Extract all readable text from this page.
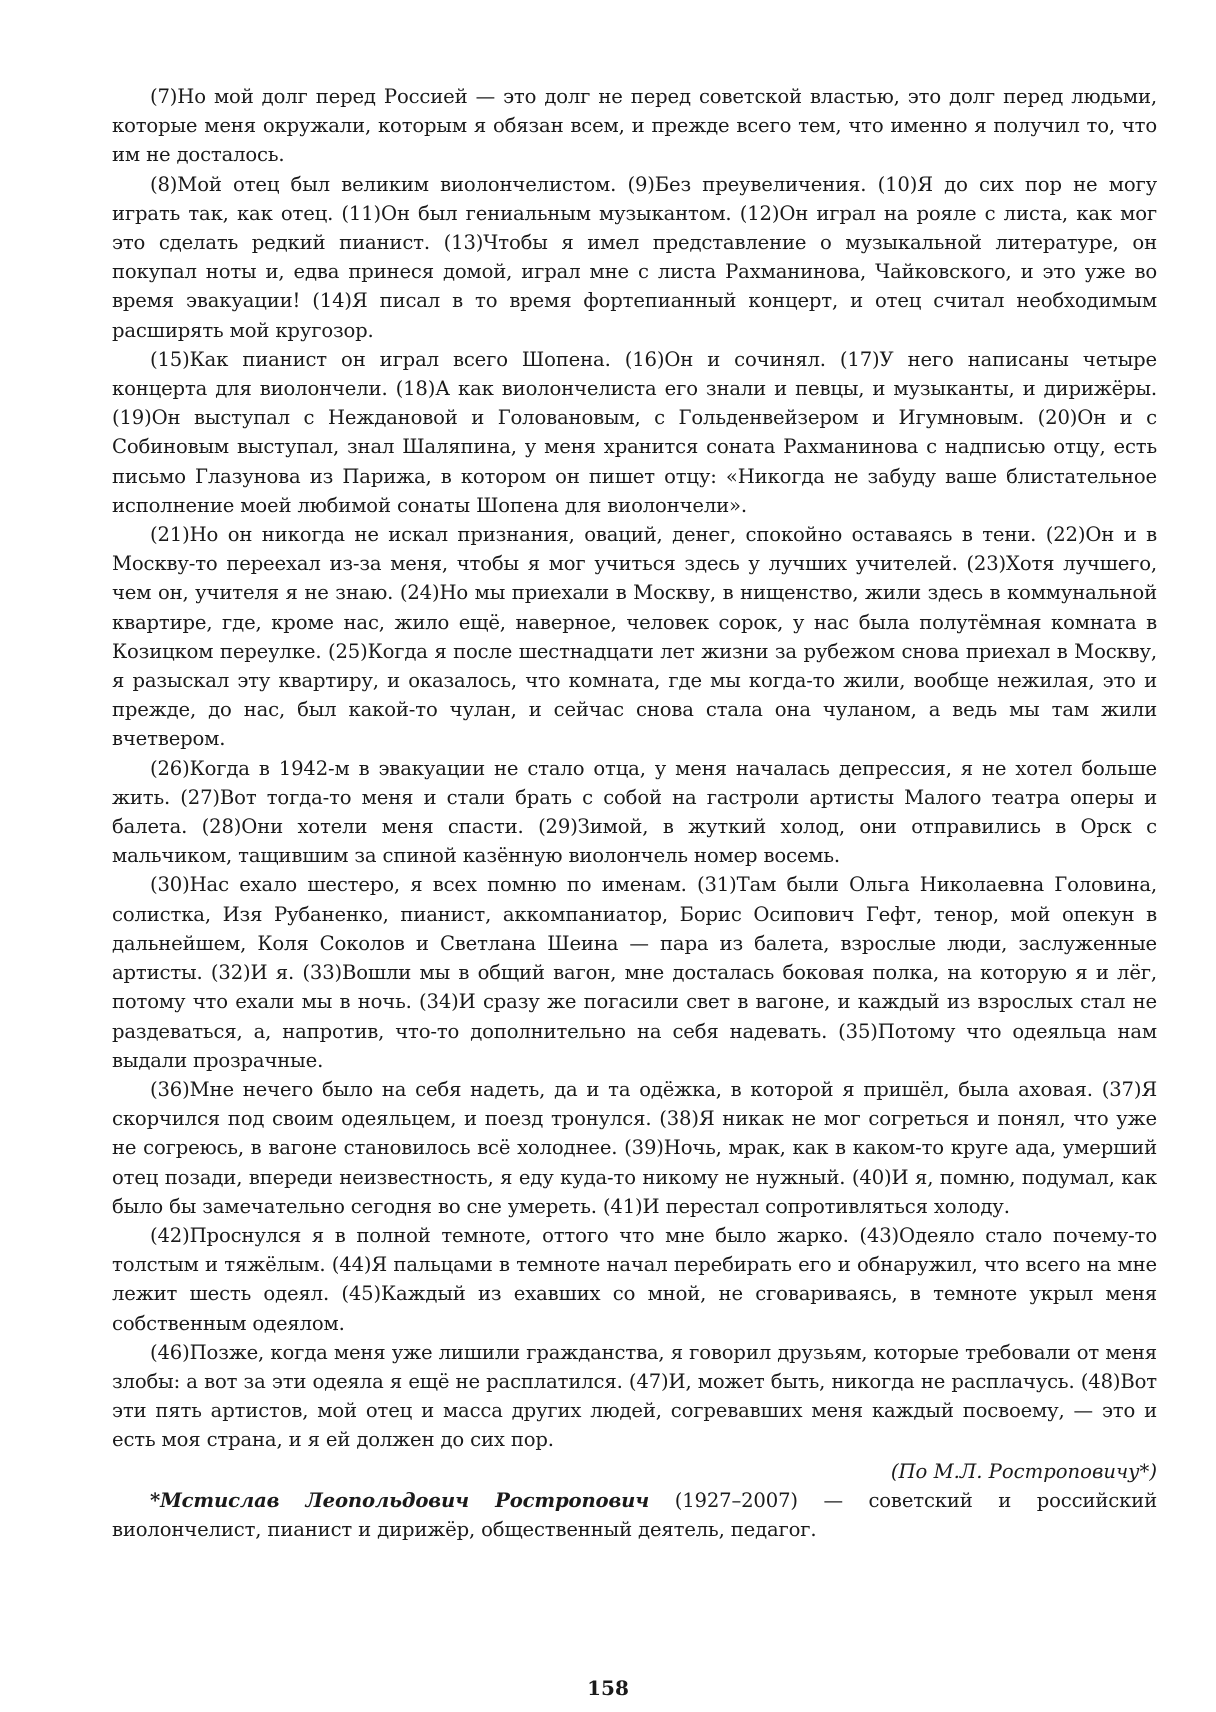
(7)Но мой долг перед Россией — это долг не перед советской властью, это долг перед людьми, которые меня окружали, которым я обязан всем, и прежде всего тем, что именно я получил то, что им не досталось.

(8)Мой отец был великим виолончелистом. (9)Без преувеличения. (10)Я до сих пор не могу играть так, как отец. (11)Он был гениальным музыкантом. (12)Он играл на рояле с листа, как мог это сделать редкий пианист. (13)Чтобы я имел представление о музыкальной литературе, он покупал ноты и, едва принеся домой, играл мне с листа Рахманинова, Чайковского, и это уже во время эвакуации! (14)Я писал в то время фортепианный концерт, и отец считал необходимым расширять мой кругозор.

(15)Как пианист он играл всего Шопена. (16)Он и сочинял. (17)У него написаны четыре концерта для виолончели. (18)А как виолончелиста его знали и певцы, и музыканты, и дирижёры. (19)Он выступал с Неждановой и Головановым, с Гольденвейзером и Игумновым. (20)Он и с Собиновым выступал, знал Шаляпина, у меня хранится соната Рахманинова с надписью отцу, есть письмо Глазунова из Парижа, в котором он пишет отцу: «Никогда не забуду ваше блистательное исполнение моей любимой сонаты Шопена для виолончели».

(21)Но он никогда не искал признания, оваций, денег, спокойно оставаясь в тени. (22)Он и в Москву-то переехал из-за меня, чтобы я мог учиться здесь у лучших учителей. (23)Хотя лучшего, чем он, учителя я не знаю. (24)Но мы приехали в Москву, в нищенство, жили здесь в коммунальной квартире, где, кроме нас, жило ещё, наверное, человек сорок, у нас была полутёмная комната в Козицком переулке. (25)Когда я после шестнадцати лет жизни за рубежом снова приехал в Москву, я разыскал эту квартиру, и оказалось, что комната, где мы когда-то жили, вообще нежилая, это и прежде, до нас, был какой-то чулан, и сейчас снова стала она чуланом, а ведь мы там жили вчетвером.

(26)Когда в 1942-м в эвакуации не стало отца, у меня началась депрессия, я не хотел больше жить. (27)Вот тогда-то меня и стали брать с собой на гастроли артисты Малого театра оперы и балета. (28)Они хотели меня спасти. (29)Зимой, в жуткий холод, они отправились в Орск с мальчиком, тащившим за спиной казённую виолончель номер восемь.

(30)Нас ехало шестеро, я всех помню по именам. (31)Там были Ольга Николаевна Головина, солистка, Изя Рубаненко, пианист, аккомпаниатор, Борис Осипович Гефт, тенор, мой опекун в дальнейшем, Коля Соколов и Светлана Шеина — пара из балета, взрослые люди, заслуженные артисты. (32)И я. (33)Вошли мы в общий вагон, мне досталась боковая полка, на которую я и лёг, потому что ехали мы в ночь. (34)И сразу же погасили свет в вагоне, и каждый из взрослых стал не раздеваться, а, напротив, что-то дополнительно на себя надевать. (35)Потому что одеяльца нам выдали прозрачные.

(36)Мне нечего было на себя надеть, да и та одёжка, в которой я пришёл, была аховая. (37)Я скорчился под своим одеяльцем, и поезд тронулся. (38)Я никак не мог согреться и понял, что уже не согреюсь, в вагоне становилось всё холоднее. (39)Ночь, мрак, как в каком-то круге ада, умерший отец позади, впереди неизвестность, я еду куда-то никому не нужный. (40)И я, помню, подумал, как было бы замечательно сегодня во сне умереть. (41)И перестал сопротивляться холоду.

(42)Проснулся я в полной темноте, оттого что мне было жарко. (43)Одеяло стало почему-то толстым и тяжёлым. (44)Я пальцами в темноте начал перебирать его и обнаружил, что всего на мне лежит шесть одеял. (45)Каждый из ехавших со мной, не сговариваясь, в темноте укрыл меня собственным одеялом.

(46)Позже, когда меня уже лишили гражданства, я говорил друзьям, которые требовали от меня злобы: а вот за эти одеяла я ещё не расплатился. (47)И, может быть, никогда не расплачусь. (48)Вот эти пять артистов, мой отец и масса других людей, согревавших меня каждый посвоему, — это и есть моя страна, и я ей должен до сих пор.

(По М.Л. Ростроповичу*)

*Мстислав Леопольдович Ростропович (1927–2007) — советский и российский виолончелист, пианист и дирижёр, общественный деятель, педагог.

158
